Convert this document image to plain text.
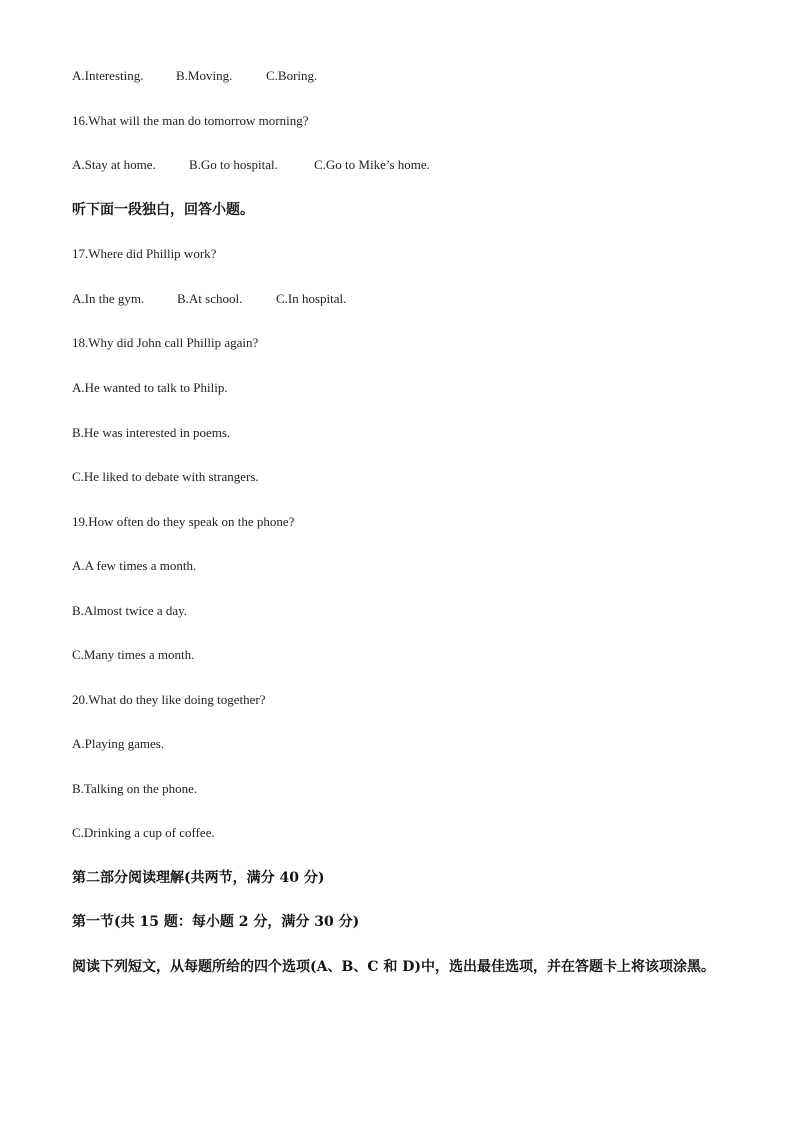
A.Interesting.	B.Moving.	C.Boring.

16.What will the man do tomorrow morning?

A.Stay at home.	B.Go to hospital.	C.Go to Mike’s home.

听下面一段独白，回答小题。

17.Where did Phillip work?

A.In the gym.	B.At school.	C.In hospital.

18.Why did John call Phillip again?

A.He wanted to talk to Philip.

B.He was interested in poems.

C.He liked to debate with strangers.

19.How often do they speak on the phone?

A.A few times a month.

B.Almost twice a day.

C.Many times a month.

20.What do they like doing together?

A.Playing games.

B.Talking on the phone.

C.Drinking a cup of coffee.

第二部分阅读理解(共两节，满分 40 分)

第一节(共 15 题：每小题 2 分，满分 30 分)

阅读下列短文，从每题所给的四个选项(A、B、C 和 D)中，选出最佳选项，并在答题卡上将该项涂黑。
